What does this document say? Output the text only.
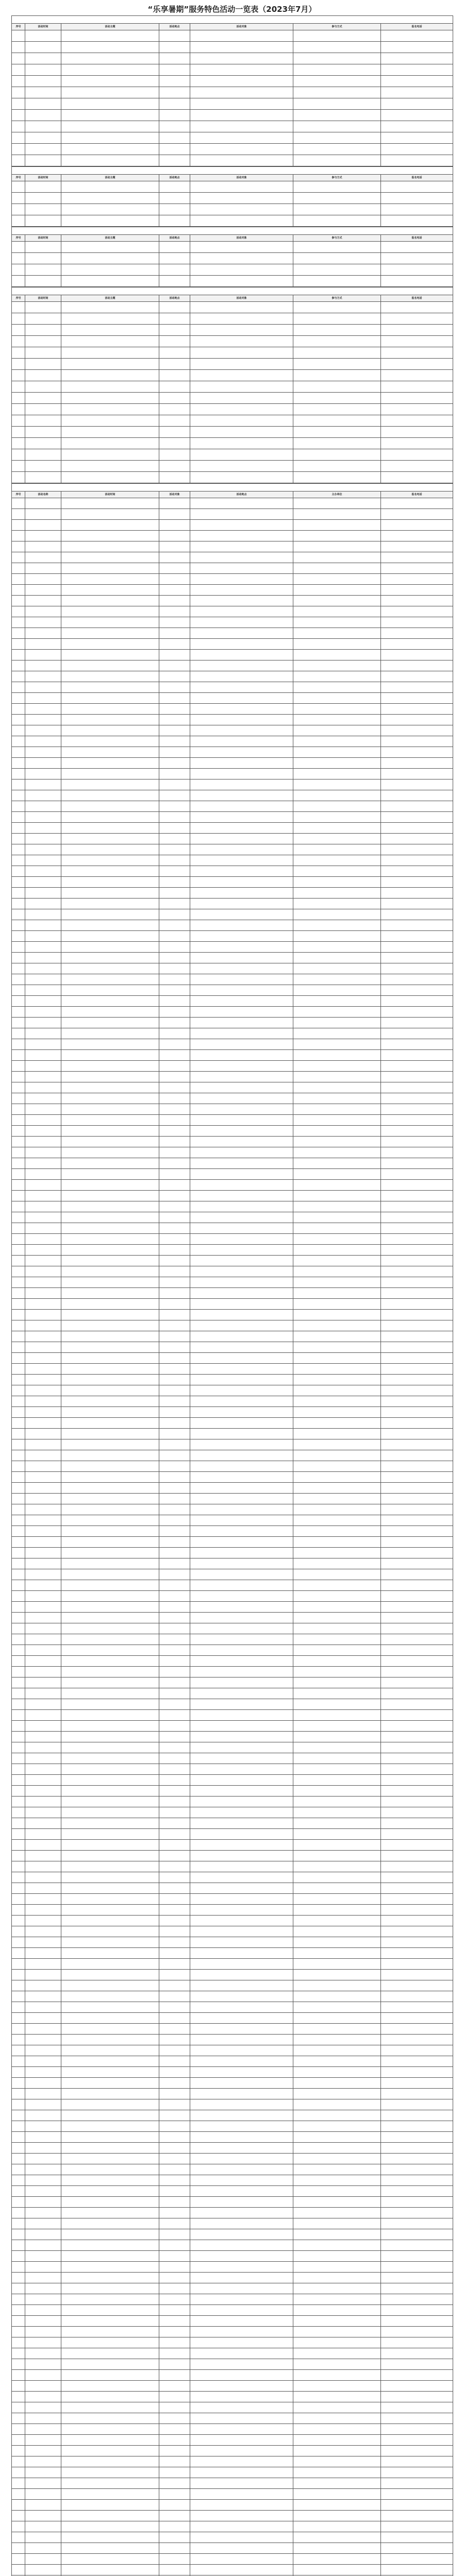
“乐享暑期”服务特色活动一览表（2023年7月）

序号	活动时间	活动主题	活动地点	活动对象	参与方式	报名电话

序号	活动时间	活动主题	活动地点	活动对象	参与方式	报名电话

序号	活动时间	活动主题	活动地点	活动对象	参与方式	报名电话

序号	活动时间	活动主题	活动地点	活动对象	参与方式	报名电话

序号	活动名称	活动时间	活动对象	活动地点	主办单位	报名电话
